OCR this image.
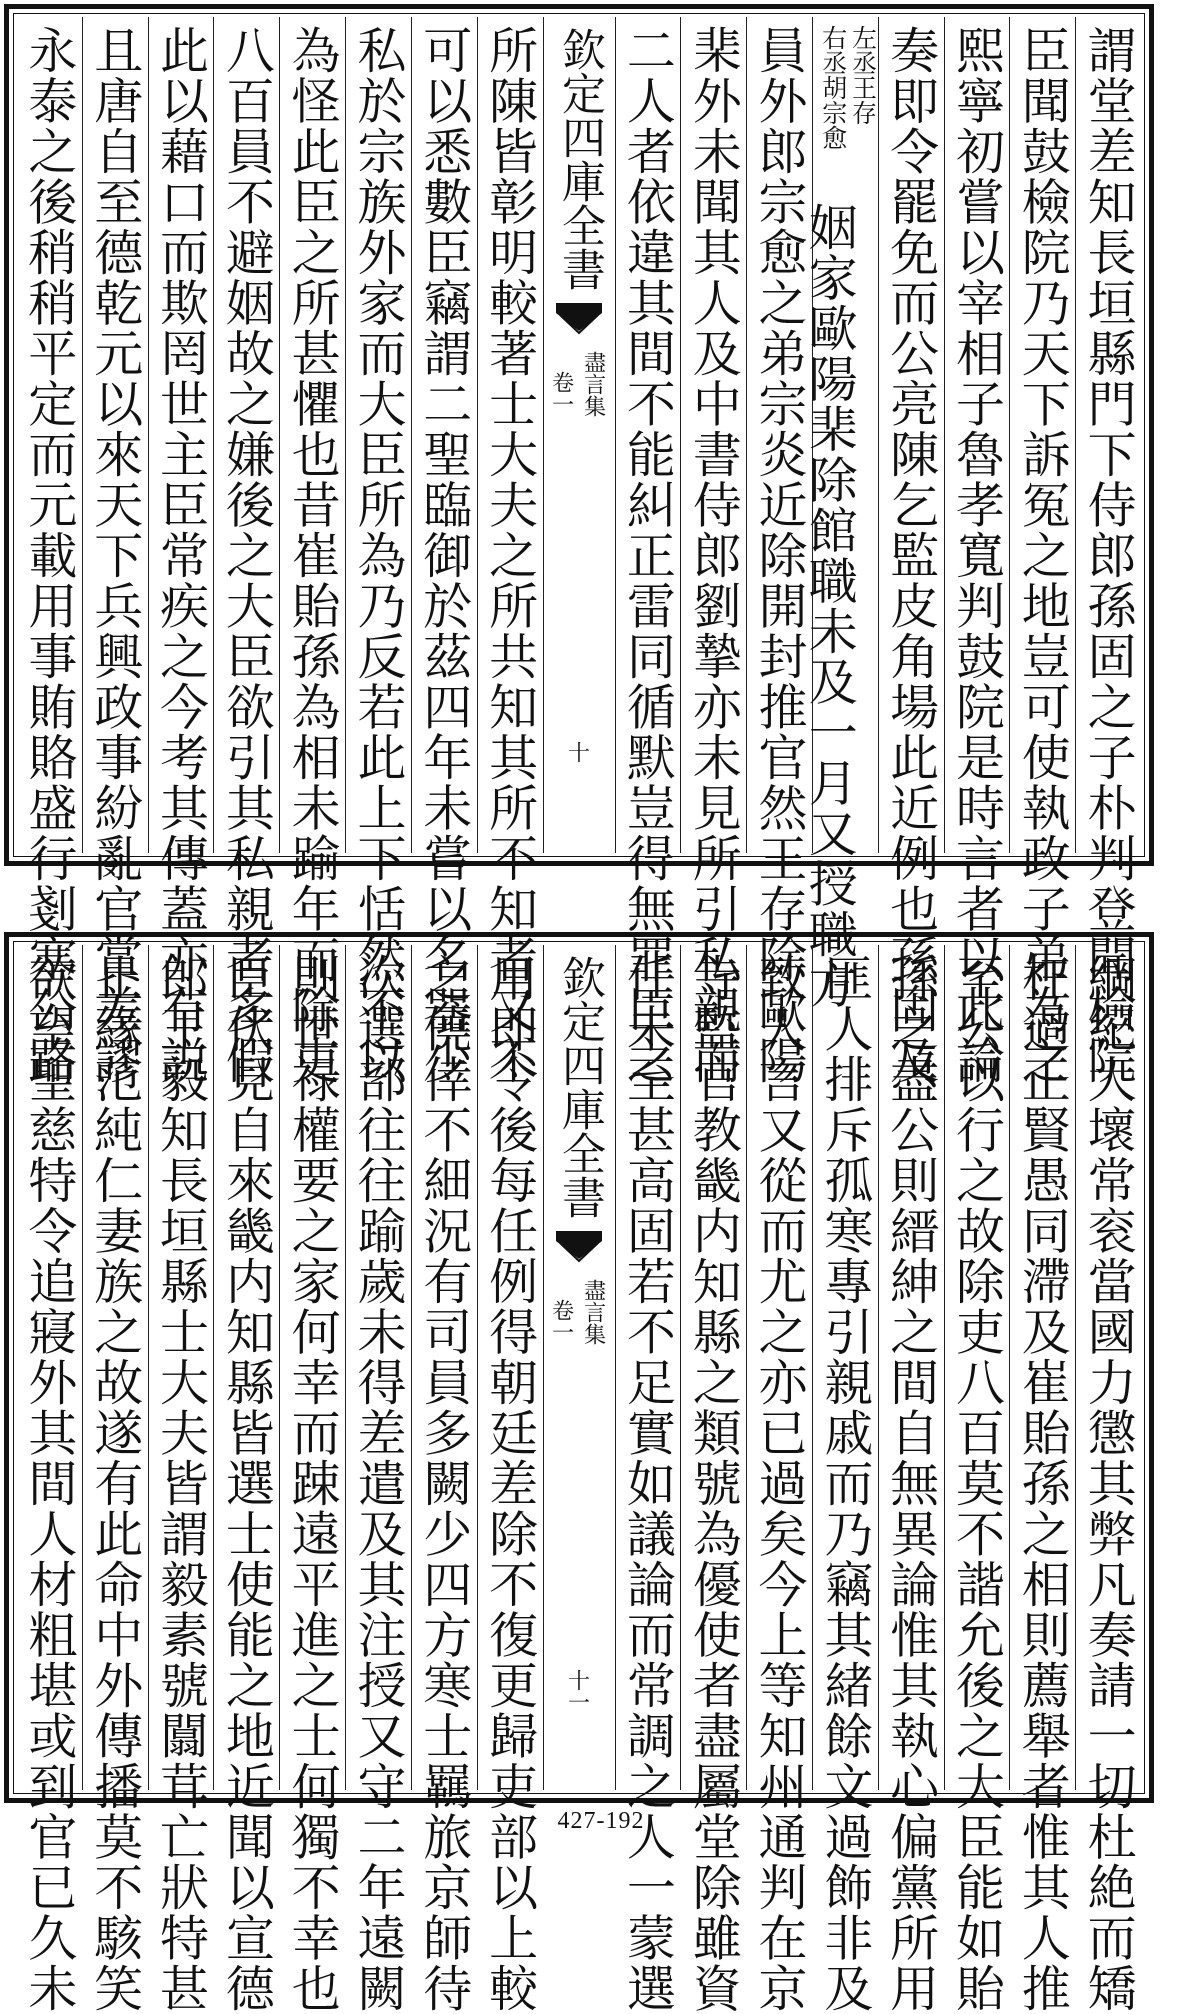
謂堂差知長垣縣門下侍郎孫固之子朴判登聞檢院
臣聞鼓檢院乃天下訴冤之地豈可使執政子弟為之
熙寧初嘗以宰相子魯孝寬判鼓院是時言者以此論
奏即令罷免而公亮陳乞監皮角場此近例也孫固及
左丞王存
右丞胡宗愈
姻家歐陽棐除館職未及一月又授職方
員外郎宗愈之弟宗炎近除開封推官然王存除歐陽
棐外未聞其人及中書侍郎劉摯亦未見所引私親而
二人者依違其間不能糾正雷同循默豈得無罪臣之
欽定四庫全書
盡言集
卷一
十
所陳皆彰明較著士大夫之所共知其所不知者又不
可以悉數臣竊謂二聖臨御於茲四年未嘗以名器少
私於宗族外家而大臣所為乃反若此上下恬然不以
為怪此臣之所甚懼也昔崔貽孫為相未踰年而除吏
八百員不避姻故之嫌後之大臣欲引其私親者多假
此以藉口而欺罔世主臣常疾之今考其傳蓋亦有説
且唐自至德乾元以來天下兵興政事紛亂官賞差謬
永泰之後稍稍平定而元載用事賄賂盛行剗塞公路
綱紀大壞常衮當國力懲其弊凡奏請一切杜絶而矯
枉過正賢愚同滯及崔貽孫之相則薦舉者惟其人推
至公以行之故除吏八百莫不諧允後之大臣能如貽
孫之盡公則縉紳之間自無異論惟其執心偏黨所用
匪人排斥孤寒專引親戚而乃竊其緒餘文過飾非及
致人言又從而尤之亦已過矣今上等知州通判在京
寺監官教畿内知縣之類號為優使者盡屬堂除雖資
任未至甚高固若不足實如議論而常調之人一蒙選
欽定四庫全書
盡言集
卷一
十一
用即令後每任例得朝廷差除不復更歸吏部以上較
之僥倖不細況有司員多闕少四方寒士羈旅京師待
次選部往往踰歲未得差遣及其注授又守二年遠闕
則世禄權要之家何幸而踈遠平進之士何獨不幸也
臣伏見自來畿内知縣皆選士使能之地近聞以宣德
郎王毅知長垣縣士大夫皆謂毅素號闒茸亡狀特甚
止緣范純仁妻族之故遂有此命中外傳播莫不駭笑
欲望聖慈特令追寢外其間人材粗堪或到官已久未	427-192
